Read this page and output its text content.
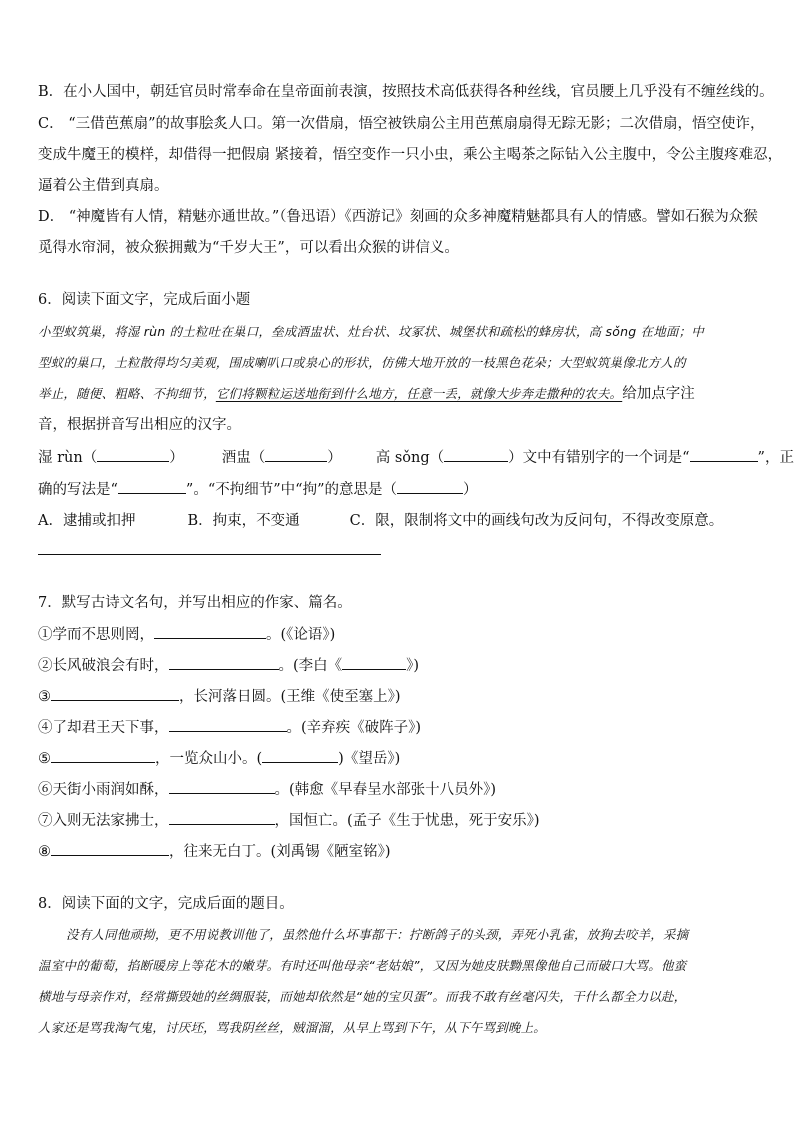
B．在小人国中，朝廷官员时常奉命在皇帝面前表演，按照技术高低获得各种丝线，官员腰上几乎没有不缠丝线的。
C． “三借芭蕉扇”的故事脍炙人口。第一次借扇，悟空被铁扇公主用芭蕉扇扇得无踪无影；二次借扇，悟空使诈，
变成牛魔王的模样，却借得一把假扇 紧接着，悟空变作一只小虫，乘公主喝茶之际钻入公主腹中，令公主腹疼难忍，
逼着公主借到真扇。
D． “神魔皆有人情，精魅亦通世故。”（鲁迅语）《西游记》刻画的众多神魔精魅都具有人的情感。譬如石猴为众猴
觅得水帘洞，被众猴拥戴为“千岁大王”，可以看出众猴的讲信义。
6．阅读下面文字，完成后面小题
小型蚁筑巢，将湿 rùn 的土粒吐在巢口，垒成酒盅状、灶台状、坟冢状、城堡状和疏松的蜂房状，高 sǒng 在地面；中
型蚁的巢口，土粒散得均匀美观，围成喇叭口或泉心的形状，仿佛大地开放的一枝黑色花朵；大型蚁筑巢像北方人的
举止，随便、粗略、不拘细节，它们将颗粒运送地衔到什么地方，任意一丢，就像大步奔走撒种的农夫。给加点字注
音，根据拼音写出相应的汉字。
湿 rùn（	）	酒盅（	） 高 sǒng（	）文中有错别字的一个词是“	”，正
确的写法是“	”。“不拘细节”中“拘”的意思是（	）
A．逮捕或扣押	B．拘束，不变通	C．限，限制将文中的画线句改为反问句，不得改变原意。
7．默写古诗文名句，并写出相应的作家、篇名。
①学而不思则罔，	。(《论语》)
②长风破浪会有时，	。(李白《	》)
③	，长河落日圆。(王维《使至塞上》)
④了却君王天下事，	。(辛弃疾《破阵子》)
⑤	，一览众山小。(	)《望岳》)
⑥天街小雨润如酥，	。(韩愈《早春呈水部张十八员外》)
⑦入则无法家拂士，	，国恒亡。(孟子《生于忧患，死于安乐》)
⑧	，往来无白丁。(刘禹锡《陋室铭》)
8．阅读下面的文字，完成后面的题目。
没有人同他顽拗，更不用说教训他了，虽然他什么坏事都干：拧断鸽子的头颈，弄死小乳雀，放狗去咬羊，采摘
温室中的葡萄，掐断暖房上等花木的嫩芽。有时还叫他母亲“老姑娘”，又因为她皮肤黝黑像他自己而破口大骂。他蛮
横地与母亲作对，经常撕毁她的丝绸服装，而她却依然是“她的宝贝蛋”。而我不敢有丝毫闪失，干什么都全力以赴，
人家还是骂我淘气鬼，讨厌坯，骂我阴丝丝，贼溜溜，从早上骂到下午，从下午骂到晚上。
